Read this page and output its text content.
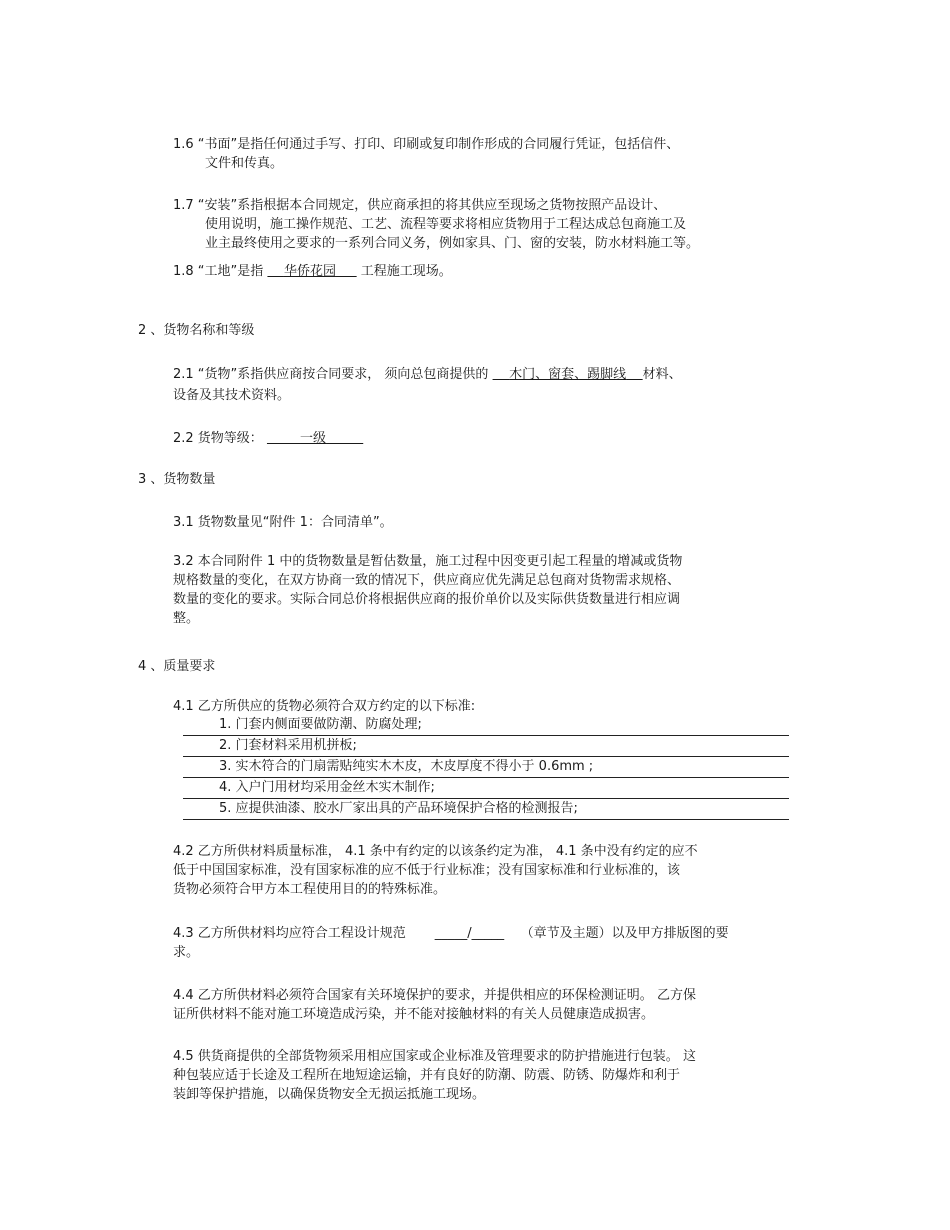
1.6 “书面”是指任何通过手写、打印、印刷或复印制作形成的合同履行凭证，包括信件、
文件和传真。
1.7 “安装”系指根据本合同规定，供应商承担的将其供应至现场之货物按照产品设计、
使用说明，施工操作规范、工艺、流程等要求将相应货物用于工程达成总包商施工及
业主最终使用之要求的一系列合同义务，例如家具、门、窗的安装，防水材料施工等。
1.8 “工地”是指 华侨花园 工程施工现场。
2 、货物名称和等级
2.1 “货物”系指供应商按合同要求， 须向总包商提供的 木门、窗套、踢脚线 材料、
设备及其技术资料。
2.2 货物等级：	一级
3 、货物数量
3.1 货物数量见“附件 1：合同清单”。
3.2 本合同附件 1 中的货物数量是暂估数量，施工过程中因变更引起工程量的增减或货物
规格数量的变化，在双方协商一致的情况下，供应商应优先满足总包商对货物需求规格、
数量的变化的要求。实际合同总价将根据供应商的报价单价以及实际供货数量进行相应调
整。
4 、质量要求
4.1 乙方所供应的货物必须符合双方约定的以下标准:
1. 门套内侧面要做防潮、防腐处理;
2. 门套材料采用机拼板;
3. 实木符合的门扇需贴纯实木木皮，木皮厚度不得小于 0.6mm ;
4. 入户门用材均采用金丝木实木制作;
5. 应提供油漆、胶水厂家出具的产品环境保护合格的检测报告;
4.2 乙方所供材料质量标准， 4.1 条中有约定的以该条约定为准， 4.1 条中没有约定的应不
低于中国国家标准，没有国家标准的应不低于行业标准；没有国家标准和行业标准的，该
货物必须符合甲方本工程使用目的的特殊标准。
4.3 乙方所供材料均应符合工程设计规范 _____/_____ （章节及主题）以及甲方排版图的要
求。
4.4 乙方所供材料必须符合国家有关环境保护的要求，并提供相应的环保检测证明。 乙方保
证所供材料不能对施工环境造成污染，并不能对接触材料的有关人员健康造成损害。
4.5 供货商提供的全部货物须采用相应国家或企业标准及管理要求的防护措施进行包装。 这
种包装应适于长途及工程所在地短途运输，并有良好的防潮、防震、防锈、防爆炸和利于
装卸等保护措施，以确保货物安全无损运抵施工现场。
